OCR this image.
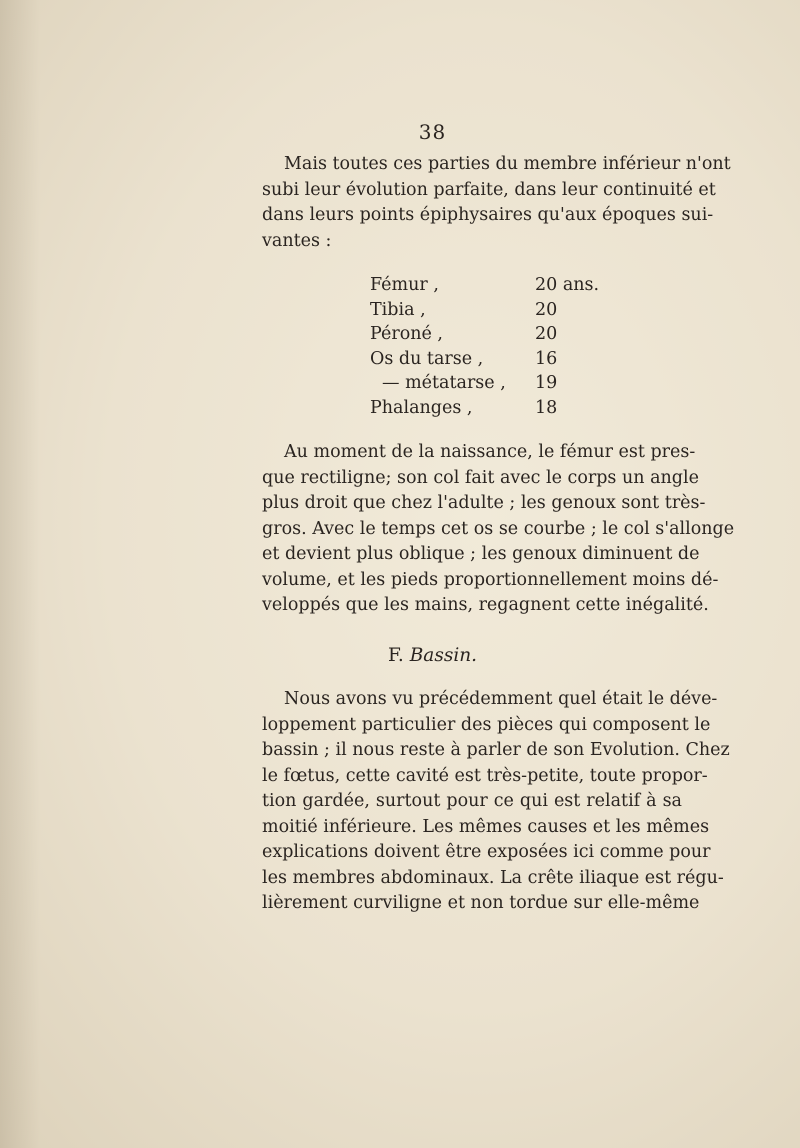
38
Mais toutes ces parties du membre inférieur n'ont
subi leur évolution parfaite, dans leur continuité et
dans leurs points épiphysaires qu'aux époques sui-
vantes :
Fémur ,	20 ans.
Tibia ,	20
Péroné ,	20
Os du tarse ,	16
— métatarse , 19
Phalanges ,	18
Au moment de la naissance, le fémur est pres-
que rectiligne; son col fait avec le corps un angle
plus droit que chez l'adulte ; les genoux sont très-
gros. Avec le temps cet os se courbe ; le col s'allonge
et devient plus oblique ; les genoux diminuent de
volume, et les pieds proportionnellement moins dé-
veloppés que les mains, regagnent cette inégalité.
F. Bassin.
Nous avons vu précédemment quel était le déve-
loppement particulier des pièces qui composent le
bassin ; il nous reste à parler de son Evolution. Chez
le fœtus, cette cavité est très-petite, toute propor-
tion gardée, surtout pour ce qui est relatif à sa
moitié inférieure. Les mêmes causes et les mêmes
explications doivent être exposées ici comme pour
les membres abdominaux. La crête iliaque est régu-
lièrement curviligne et non tordue sur elle-même
